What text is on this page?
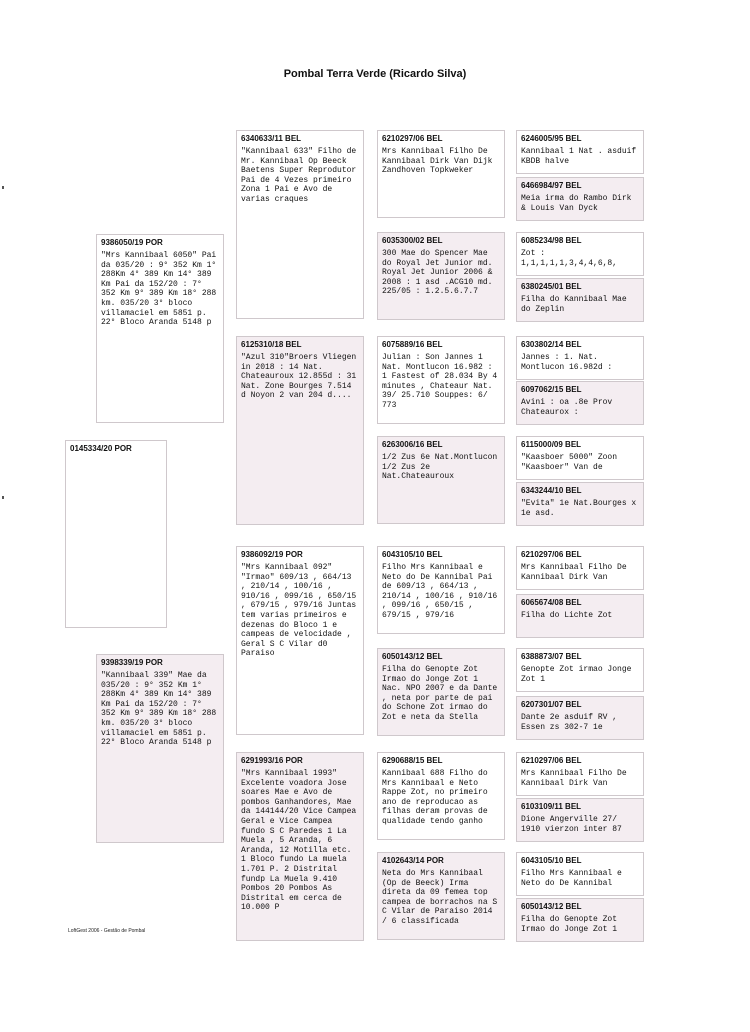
Pombal Terra Verde (Ricardo Silva)
0145334/20 POR
9386050/19 POR
"Mrs Kannibaal 6050" Pai da 035/20 : 9° 352 Km 1° 288Km 4° 389 Km 14° 389 Km Pai da 152/20 : 7° 352 Km 9° 389 Km 18° 288 km. 035/20 3° bloco villamaciel em 5851 p. 22° Bloco Aranda 5148 p
9398339/19 POR
"Kannibaal 339" Mae da 035/20 : 9° 352 Km 1° 288Km 4° 389 Km 14° 389 Km Pai da 152/20 : 7° 352 Km 9° 389 Km 18° 288 km. 035/20 3° bloco villamaciel em 5851 p. 22° Bloco Aranda 5148 p
6340633/11 BEL
"Kannibaal 633" Filho de Mr. Kannibaal Op Beeck Baetens Super Reprodutor Pai de 4 Vezes primeiro Zona 1 Pai e Avo de varias craques
6125310/18 BEL
"Azul 310"Broers Vliegen in 2018 : 14 Nat. Chateauroux 12.855d : 31 Nat. Zone Bourges 7.514 d Noyon 2 van 204 d....
9386092/19 POR
"Mrs Kannibaal 092" "Irmao" 609/13 , 664/13 , 210/14 , 100/16 , 910/16 , 099/16 , 650/15 , 679/15 , 979/16 Juntas tem varias primeiros e dezenas do Bloco 1 e campeas de velocidade , Geral S C Vilar d0 Paraiso
6291993/16 POR
"Mrs Kannibaal 1993" Excelente voadora Jose soares Mae e Avo de pombos Ganhandores, Mae da 144144/20 Vice Campea Geral e Vice Campea fundo S C Paredes 1 La Muela , 5 Aranda, 6 Aranda, 12 Motilla etc. 1 Bloco fundo La muela 1.701 P. 2 Distrital fundp La Muela 9.410 Pombos 20 Pombos As Distrital em cerca de 10.000 P
6210297/06 BEL
Mrs Kannibaal Filho De Kannibaal Dirk Van Dijk Zandhoven Topkweker
6035300/02 BEL
300 Mae do Spencer Mae do Royal Jet Junior md. Royal Jet Junior 2006 & 2008 : 1 asd .ACG10 md. 225/05 : 1.2.5.6.7.7
6075889/16 BEL
Julian : Son Jannes 1 Nat. Montlucon 16.982 : 1 Fastest of 28.034 By 4 minutes , Chateaur Nat. 39/ 25.710 Souppes: 6/ 773
6263006/16 BEL
1/2 Zus 6e Nat.Montlucon 1/2 Zus 2e Nat.Chateauroux
6043105/10 BEL
Filho Mrs Kannibaal e Neto do De Kannibal Pai de 609/13 , 664/13 , 210/14 , 100/16 , 910/16 , 099/16 , 650/15 , 679/15 , 979/16
6050143/12 BEL
Filha do Genopte Zot Irmao do Jonge Zot 1 Nac. NPO 2007 e da Dante , neta por parte de pai do Schone Zot irmao do Zot e neta da Stella
6290688/15 BEL
Kannibaal 688 Filho do Mrs Kannibaal e Neto Rappe Zot, no primeiro ano de reproducao as filhas deram provas de qualidade tendo ganho
4102643/14 POR
Neta do Mrs Kannibaal (Op de Beeck) Irma direta da 09 femea top campea de borrachos na S C Vilar de Paraiso 2014 / 6 classificada
6246005/95 BEL
Kannibaal 1 Nat . asduif KBDB halve
6466984/97 BEL
Meia irma do Rambo Dirk & Louis Van Dyck
6085234/98 BEL
Zot : 1,1,1,1,1,3,4,4,6,8,
6380245/01 BEL
Filha do Kannibaal Mae do Zeplin
6303802/14 BEL
Jannes : 1. Nat. Montlucon 16.982d :
6097062/15 BEL
Avini : oa .8e Prov Chateaurox :
6115000/09 BEL
"Kaasboer 5000" Zoon "Kaasboer" Van de
6343244/10 BEL
"Evita" 1e Nat.Bourges x 1e asd.
6210297/06 BEL
Mrs Kannibaal Filho De Kannibaal Dirk Van
6065674/08 BEL
Filha do Lichte Zot
6388873/07 BEL
Genopte Zot irmao Jonge Zot 1
6207301/07 BEL
Dante 2e asduif RV , Essen zs 302-7 1e
6210297/06 BEL
Mrs Kannibaal Filho De Kannibaal Dirk Van
6103109/11 BEL
Dione Angerville 27/ 1910 vierzon inter 87
6043105/10 BEL
Filho Mrs Kannibaal e Neto do De Kannibal
6050143/12 BEL
Filha do Genopte Zot Irmao do Jonge Zot 1
LoftGest 2006 - Gestão de Pombal
